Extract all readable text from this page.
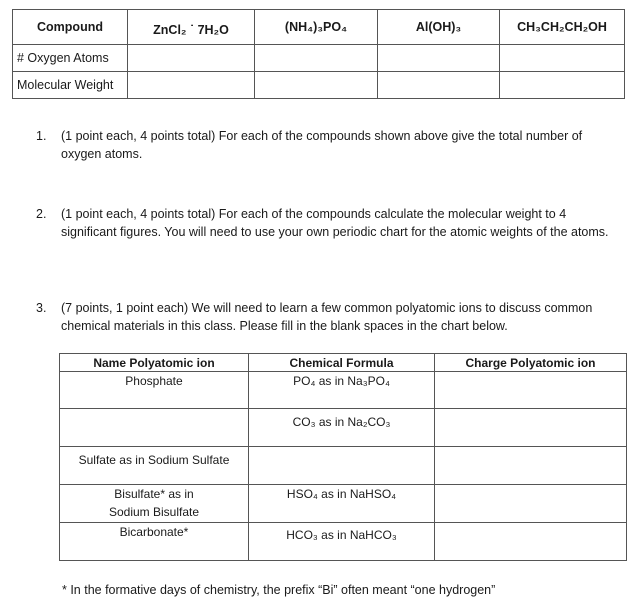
Compound	ZnCl₂ ˙ 7H₂O	(NH₄)₃PO₄	Al(OH)₃	CH₃CH₂CH₂OH
# Oxygen Atoms				
Molecular Weight				
1. (1 point each, 4 points total) For each of the compounds shown above give the total number of oxygen atoms.
2. (1 point each, 4 points total) For each of the compounds calculate the molecular weight to 4 significant figures. You will need to use your own periodic chart for the atomic weights of the atoms.
3. (7 points, 1 point each) We will need to learn a few common polyatomic ions to discuss common chemical materials in this class. Please fill in the blank spaces in the chart below.
Name Polyatomic ion	Chemical Formula	Charge Polyatomic ion
Phosphate	PO₄ as in Na₃PO₄	
	CO₃ as in Na₂CO₃	
Sulfate as in Sodium Sulfate		
Bisulfate* as in Sodium Bisulfate	HSO₄ as in NaHSO₄	
Bicarbonate*	HCO₃ as in NaHCO₃	
* In the formative days of chemistry, the prefix “Bi” often meant “one hydrogen”
